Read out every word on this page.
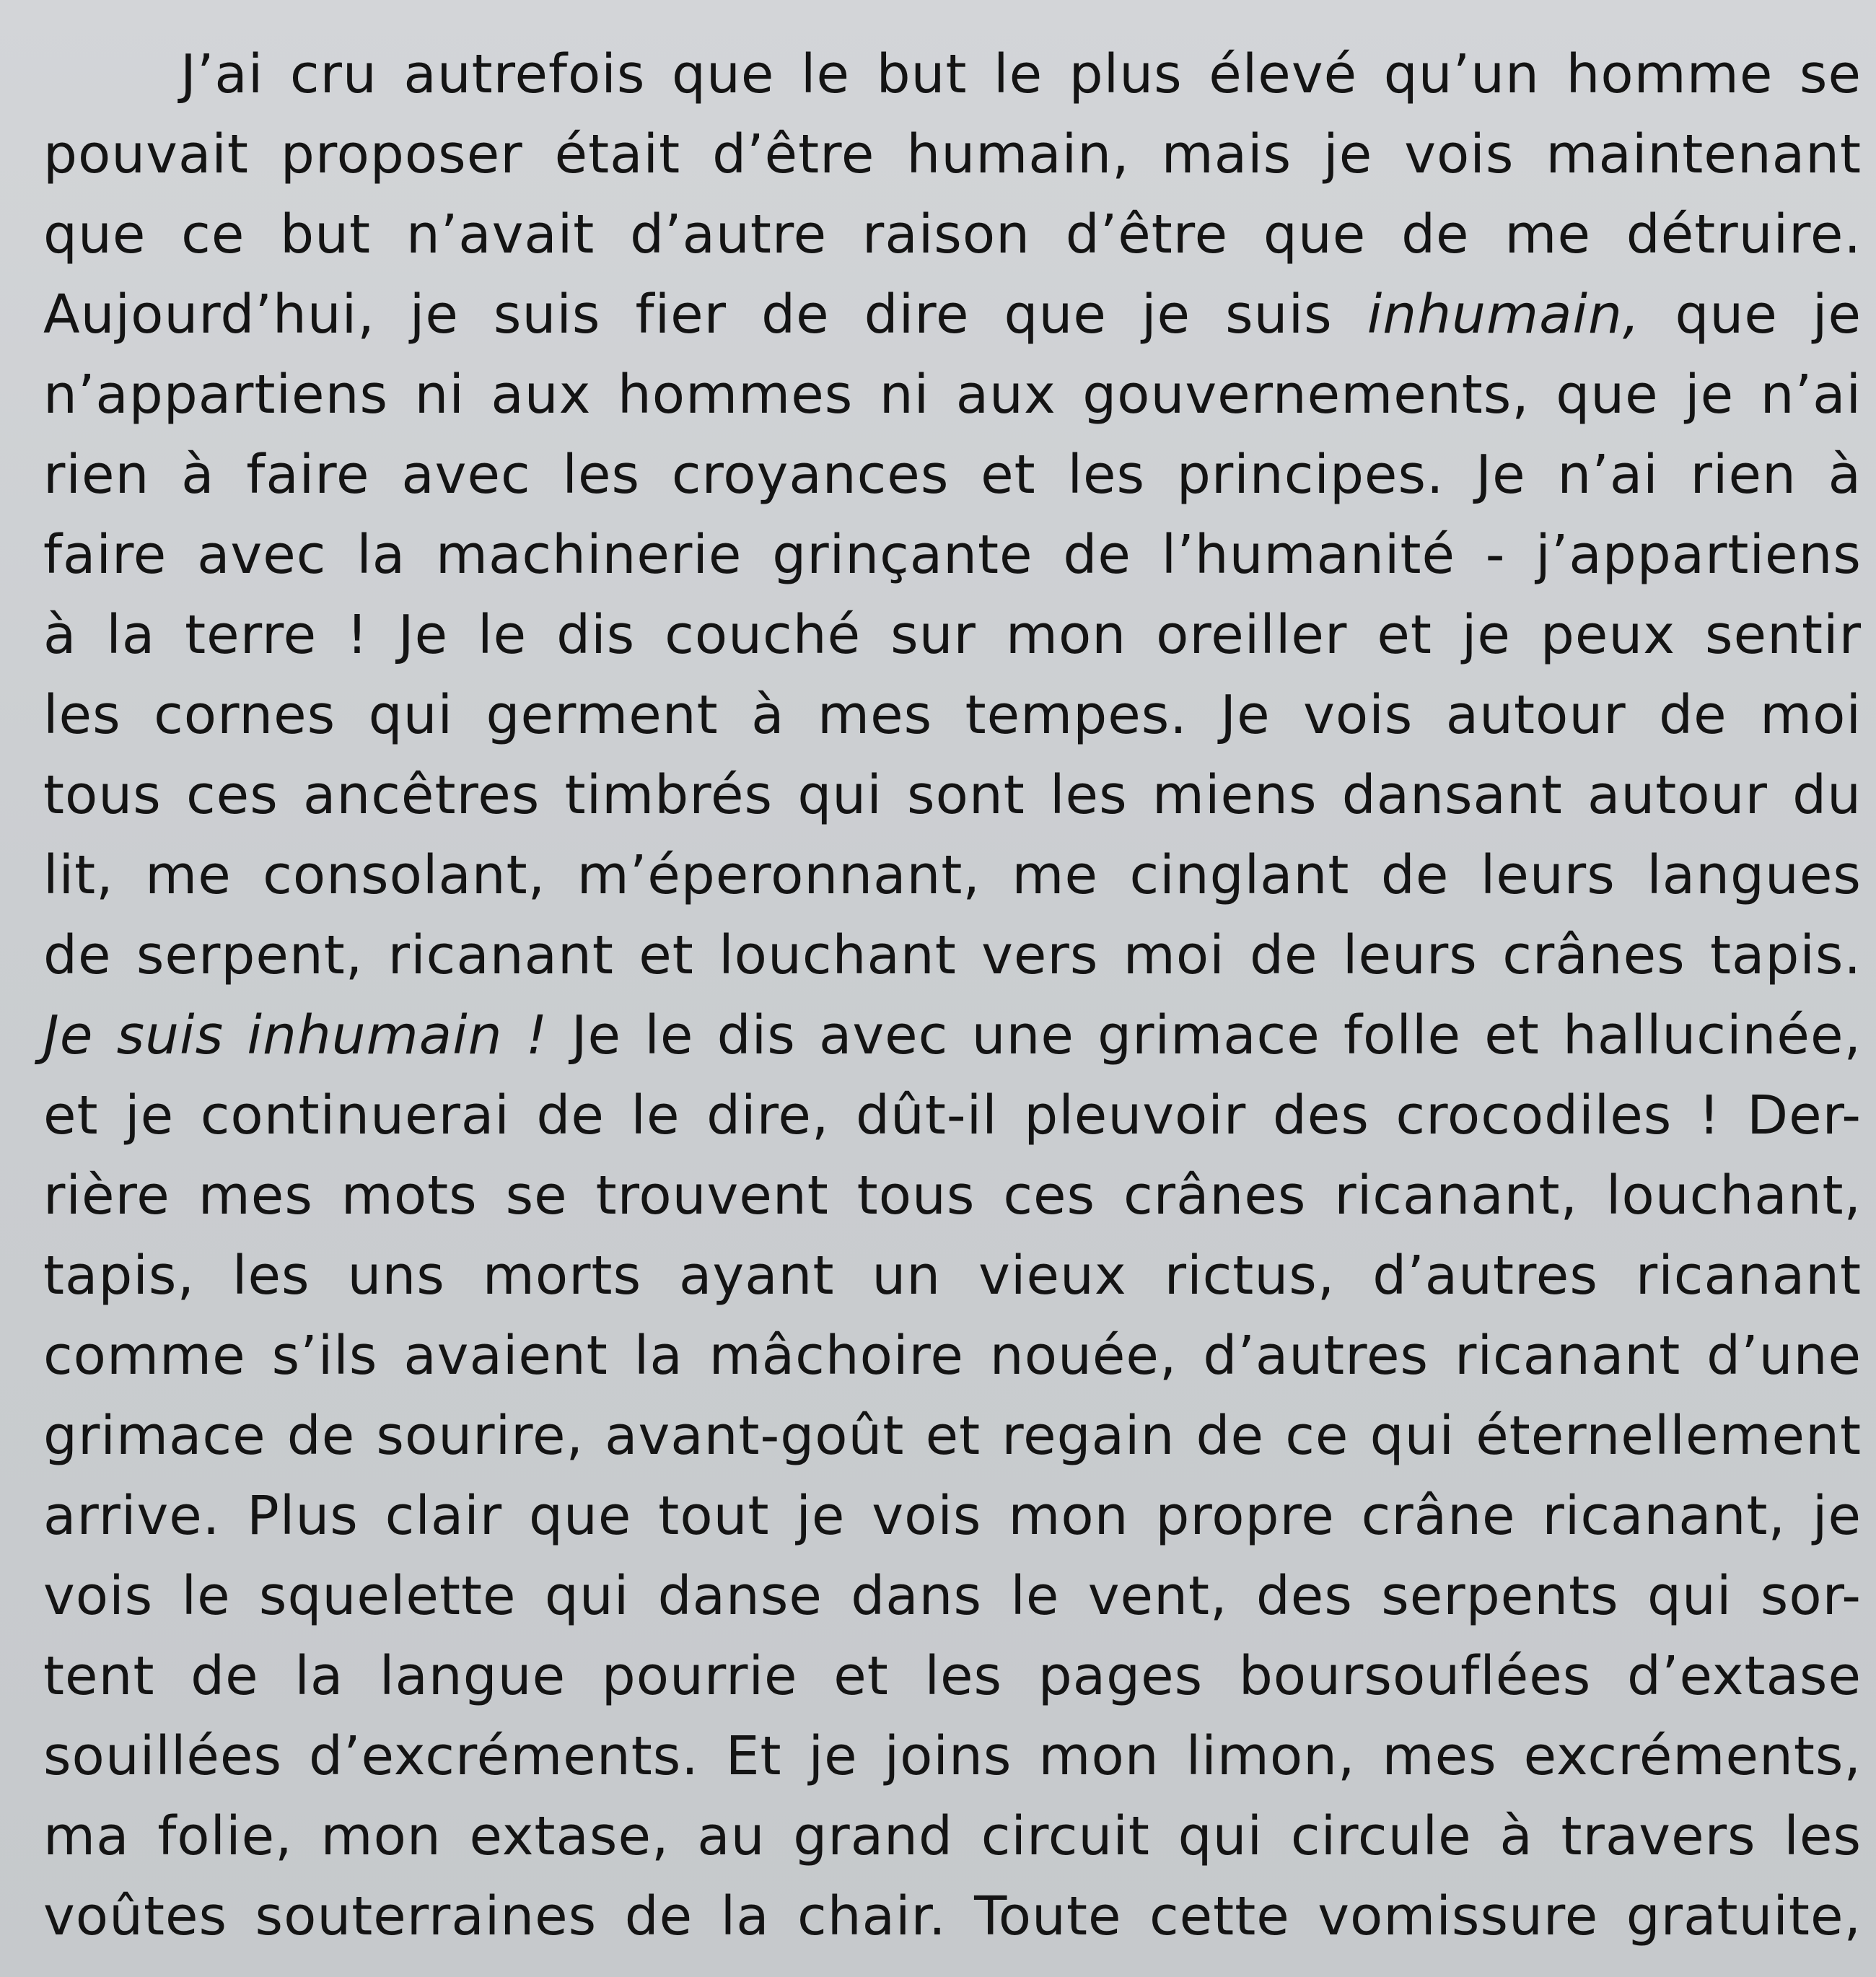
J’ai cru autrefois que le but le plus élevé qu’un homme se
pouvait proposer était d’être humain, mais je vois maintenant
que ce but n’avait d’autre raison d’être que de me détruire.
Aujourd’hui, je suis fier de dire que je suis inhumain, que je
n’appartiens ni aux hommes ni aux gouvernements, que je n’ai
rien à faire avec les croyances et les principes. Je n’ai rien à
faire avec la machinerie grinçante de l’humanité - j’appartiens
à la terre ! Je le dis couché sur mon oreiller et je peux sentir
les cornes qui germent à mes tempes. Je vois autour de moi
tous ces ancêtres timbrés qui sont les miens dansant autour du
lit, me consolant, m’éperonnant, me cinglant de leurs langues
de serpent, ricanant et louchant vers moi de leurs crânes tapis.
Je suis inhumain ! Je le dis avec une grimace folle et hallucinée,
et je continuerai de le dire, dût-il pleuvoir des crocodiles ! Der-
rière mes mots se trouvent tous ces crânes ricanant, louchant,
tapis, les uns morts ayant un vieux rictus, d’autres ricanant
comme s’ils avaient la mâchoire nouée, d’autres ricanant d’une
grimace de sourire, avant-goût et regain de ce qui éternellement
arrive. Plus clair que tout je vois mon propre crâne ricanant, je
vois le squelette qui danse dans le vent, des serpents qui sor-
tent de la langue pourrie et les pages boursouflées d’extase
souillées d’excréments. Et je joins mon limon, mes excréments,
ma folie, mon extase, au grand circuit qui circule à travers les
voûtes souterraines de la chair. Toute cette vomissure gratuite,
